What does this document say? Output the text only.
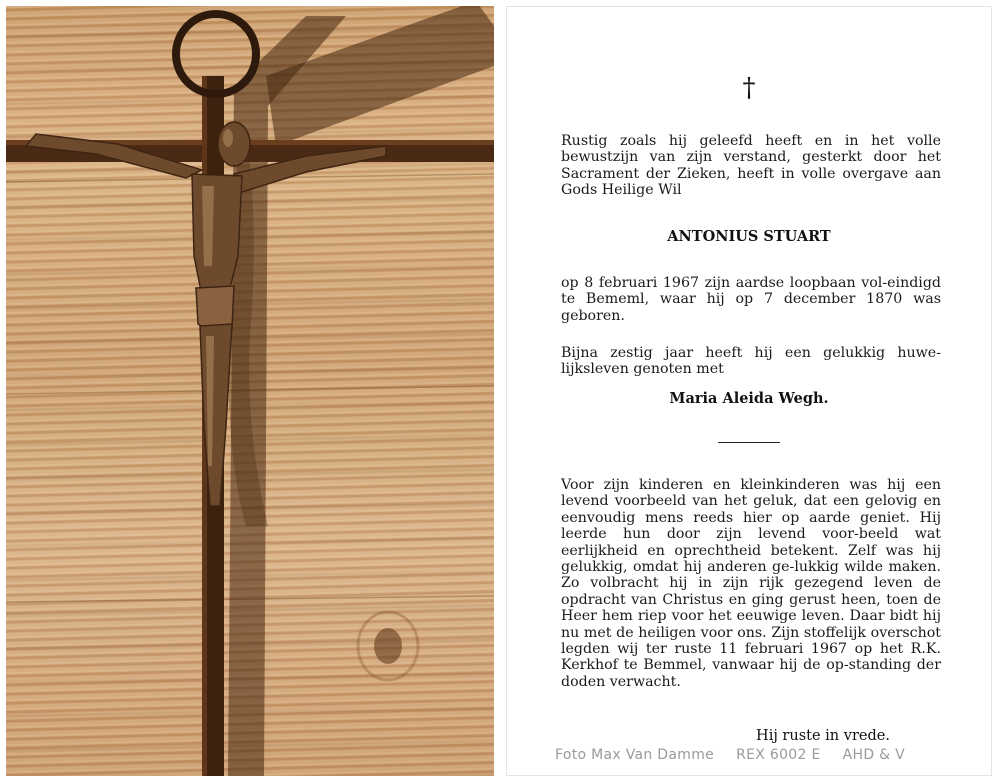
†
Rustig zoals hij geleefd heeft en in het volle bewustzijn van zijn verstand, gesterkt door het Sacrament der Zieken, heeft in volle overgave aan Gods Heilige Wil
ANTONIUS STUART
op 8 februari 1967 zijn aardse loopbaan vol-eindigd te Bememl, waar hij op 7 december 1870 was geboren.
Bijna zestig jaar heeft hij een gelukkig huwe-lijksleven genoten met
Maria Aleida Wegh.
Voor zijn kinderen en kleinkinderen was hij een levend voorbeeld van het geluk, dat een gelovig en eenvoudig mens reeds hier op aarde geniet. Hij leerde hun door zijn levend voor-beeld wat eerlijkheid en oprechtheid betekent. Zelf was hij gelukkig, omdat hij anderen ge-lukkig wilde maken. Zo volbracht hij in zijn rijk gezegend leven de opdracht van Christus en ging gerust heen, toen de Heer hem riep voor het eeuwige leven. Daar bidt hij nu met de heiligen voor ons. Zijn stoffelijk overschot legden wij ter ruste 11 februari 1967 op het R.K. Kerkhof te Bemmel, vanwaar hij de op-standing der doden verwacht.
Hij ruste in vrede.
Foto Max Van Damme REX 6002 E AHD & V
